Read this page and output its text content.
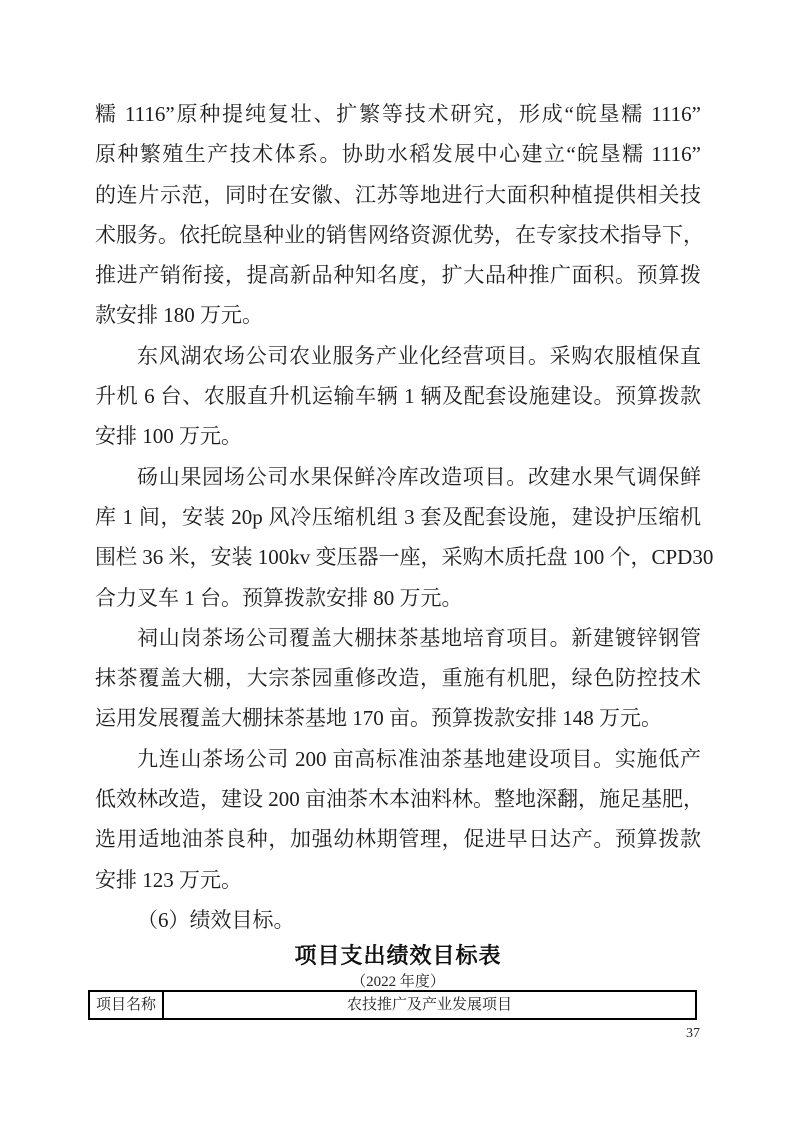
糯 1116”原种提纯复壮、扩繁等技术研究，形成“皖垦糯 1116”
原种繁殖生产技术体系。协助水稻发展中心建立“皖垦糯 1116”
的连片示范，同时在安徽、江苏等地进行大面积种植提供相关技
术服务。依托皖垦种业的销售网络资源优势，在专家技术指导下，
推进产销衔接，提高新品种知名度，扩大品种推广面积。预算拨
款安排 180 万元。
东风湖农场公司农业服务产业化经营项目。采购农服植保直
升机 6 台、农服直升机运输车辆 1 辆及配套设施建设。预算拨款
安排 100 万元。
砀山果园场公司水果保鲜冷库改造项目。改建水果气调保鲜
库 1 间，安装 20p 风冷压缩机组 3 套及配套设施，建设护压缩机
围栏 36 米，安装 100kv 变压器一座，采购木质托盘 100 个，CPD30
合力叉车 1 台。预算拨款安排 80 万元。
祠山岗茶场公司覆盖大棚抹茶基地培育项目。新建镀锌钢管
抹茶覆盖大棚，大宗茶园重修改造，重施有机肥，绿色防控技术
运用发展覆盖大棚抹茶基地 170 亩。预算拨款安排 148 万元。
九连山茶场公司 200 亩高标准油茶基地建设项目。实施低产
低效林改造，建设 200 亩油茶木本油料林。整地深翻，施足基肥，
选用适地油茶良种，加强幼林期管理，促进早日达产。预算拨款
安排 123 万元。
（6）绩效目标。
项目支出绩效目标表
（2022 年度）
项目名称	农技推广及产业发展项目
37
